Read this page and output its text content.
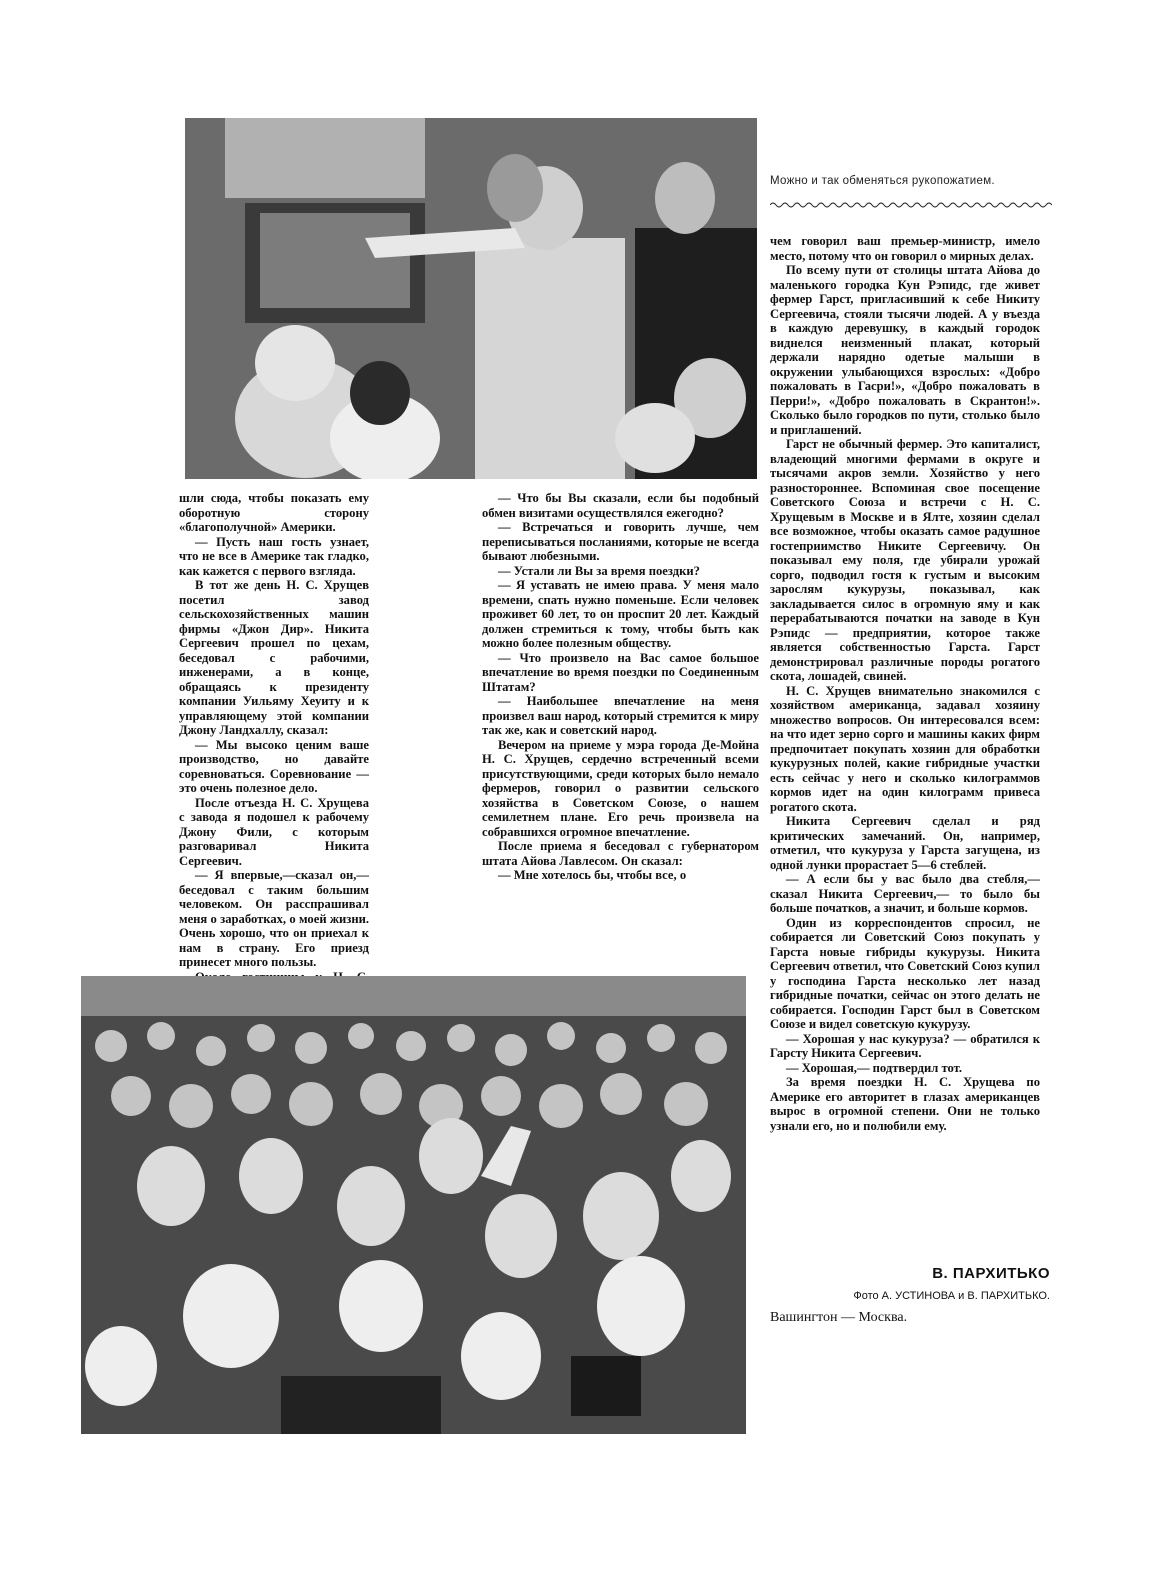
Можно и так обменяться рукопожатием.

шли сюда, чтобы показать ему оборотную сторону «благополучной» Америки.

— Пусть наш гость узнает, что не все в Америке так гладко, как кажется с первого взгляда.

В тот же день Н. С. Хрущев посетил завод сельскохозяйственных машин фирмы «Джон Дир». Никита Сергеевич прошел по цехам, беседовал с рабочими, инженерами, а в конце, обращаясь к президенту компании Уильяму Хеуиту и к управляющему этой компании Джону Ландхаллу, сказал:

— Мы высоко ценим ваше производство, но давайте соревноваться. Соревнование — это очень полезное дело.

После отъезда Н. С. Хрущева с завода я подошел к рабочему Джону Фили, с которым разговаривал Никита Сергеевич.

— Я впервые,—сказал он,— беседовал с таким большим человеком. Он расспрашивал меня о заработках, о моей жизни. Очень хорошо, что он приехал к нам в страну. Его приезд принесет много пользы.

— Что бы Вы сказали, если бы подобный обмен визитами осуществлялся ежегодно?

— Встречаться и говорить лучше, чем переписываться посланиями, которые не всегда бывают любезными.

— Устали ли Вы за время поездки?

— Я уставать не имею права. У меня мало времени, спать нужно поменьше. Если человек проживет 60 лет, то он проспит 20 лет. Каждый должен стремиться к тому, чтобы быть как можно более полезным обществу.

— Что произвело на Вас самое большое впечатление во время поездки по Соединенным Штатам?

— Наибольшее впечатление на меня произвел ваш народ, который стремится к миру так же, как и советский народ.

Вечером на приеме у мэра города Де-Мойна Н. С. Хрущев, сердечно встреченный всеми присутствующими, среди которых было немало фермеров, говорил о развитии сельского хозяйства в Советском Союзе, о нашем семилетнем плане. Его речь произвела на собравшихся огромное впечатление.

После приема я беседовал с губернатором штата Айова Лавлесом. Он сказал:

— Мне хотелось бы, чтобы все, о

чем говорил ваш премьер-министр, имело место, потому что он говорил о мирных делах.

По всему пути от столицы штата Айова до маленького городка Кун Рэпидс, где живет фермер Гарст, пригласивший к себе Никиту Сергеевича, стояли тысячи людей. А у въезда в каждую деревушку, в каждый городок виднелся неизменный плакат, который держали нарядно одетые малыши в окружении улыбающихся взрослых: «Добро пожаловать в Гасри!», «Добро пожаловать в Перри!», «Добро пожаловать в Скрантон!». Сколько было городков по пути, столько было и приглашений.

Гарст не обычный фермер. Это капиталист, владеющий многими фермами в округе и тысячами акров земли. Хозяйство у него разностороннее. Вспоминая свое посещение Советского Союза и встречи с Н. С. Хрущевым в Москве и в Ялте, хозяин сделал все возможное, чтобы оказать самое радушное гостеприимство Никите Сергеевичу. Он показывал ему поля, где убирали урожай сорго, подводил гостя к густым и высоким зарослям кукурузы, показывал, как закладывается силос в огромную яму и как перерабатываются початки на заводе в Кун Рэпидс — предприятии, которое также является собственностью Гарста. Гарст демонстрировал различные породы рогатого скота, лошадей, свиней.

Н. С. Хрущев внимательно знакомился с хозяйством американца, задавал хозяину множество вопросов. Он интересовался всем: на что идет зерно сорго и машины каких фирм предпочитает покупать хозяин для обработки кукурузных полей, какие гибридные участки есть сейчас у него и сколько килограммов кормов идет на один килограмм привеса рогатого скота.

Никита Сергеевич сделал и ряд критических замечаний. Он, например, отметил, что кукуруза у Гарста загущена, из одной лунки прорастает 5—6 стеблей.

— А если бы у вас было два стебля,— сказал Никита Сергеевич,— то было бы больше початков, а значит, и больше кормов.

Один из корреспондентов спросил, не собирается ли Советский Союз покупать у Гарста новые гибриды кукурузы. Никита Сергеевич ответил, что Советский Союз купил у господина Гарста несколько лет назад гибридные початки, сейчас он этого делать не собирается. Господин Гарст был в Советском Союзе и видел советскую кукурузу.

— Хорошая у нас кукуруза? — обратился к Гарсту Никита Сергеевич.

— Хорошая,— подтвердил тот.

За время поездки Н. С. Хрущева по Америке его авторитет в глазах американцев вырос в огромной степени. Они не только узнали его, но и полюбили ему.

В. ПАРХИТЬКО
Фото А. УСТИНОВА и В. ПАРХИТЬКО.
Вашингтон — Москва.
